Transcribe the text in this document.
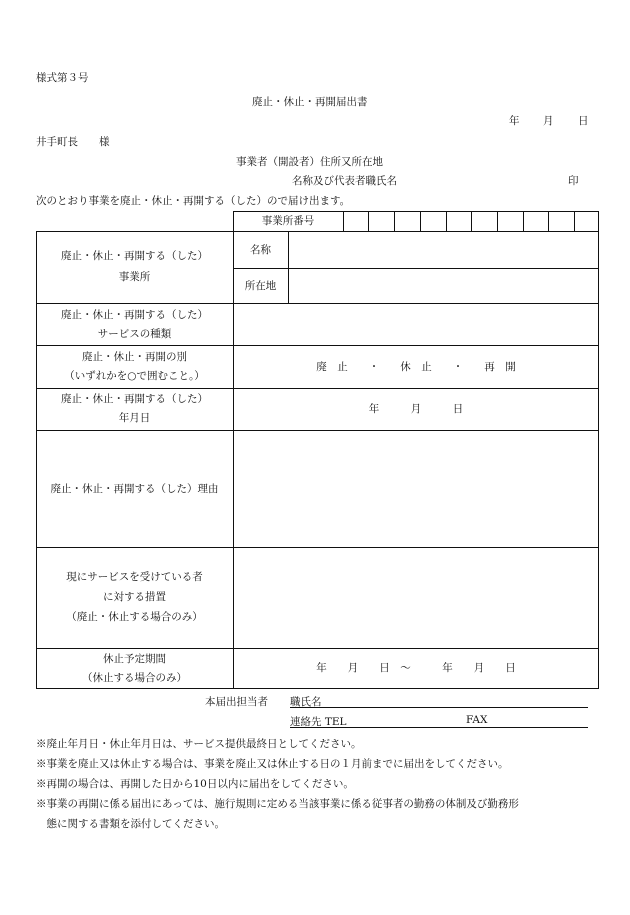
様式第３号
廃止・休止・再開届出書
年 月 日
井手町長　　様
事業者（開設者）住所又所在地
名称及び代表者職氏名	印
次のとおり事業を廃止・休止・再開する（した）ので届け出ます。
事業所番号
廃止・休止・再開する（した）
事業所
名称
所在地
廃止・休止・再開する（した）
サービスの種類
廃止・休止・再開の別
（いずれかを○で囲むこと。）
廃　止　　・　　休　止　　・　　再　開
廃止・休止・再開する（した）
年月日
年　　　月　　　日
廃止・休止・再開する（した）理由
現にサービスを受けている者
に対する措置
（廃止・休止する場合のみ）
休止予定期間
（休止する場合のみ）
年　　月　　日　～　　　年　　月　　日
本届出担当者 職氏名
連絡先 TEL	FAX
※廃止年月日・休止年月日は、サービス提供最終日としてください。
※事業を廃止又は休止する場合は、事業を廃止又は休止する日の１月前までに届出をしてください。
※再開の場合は、再開した日から10日以内に届出をしてください。
※事業の再開に係る届出にあっては、施行規則に定める当該事業に係る従事者の勤務の体制及び勤務形
　態に関する書類を添付してください。
